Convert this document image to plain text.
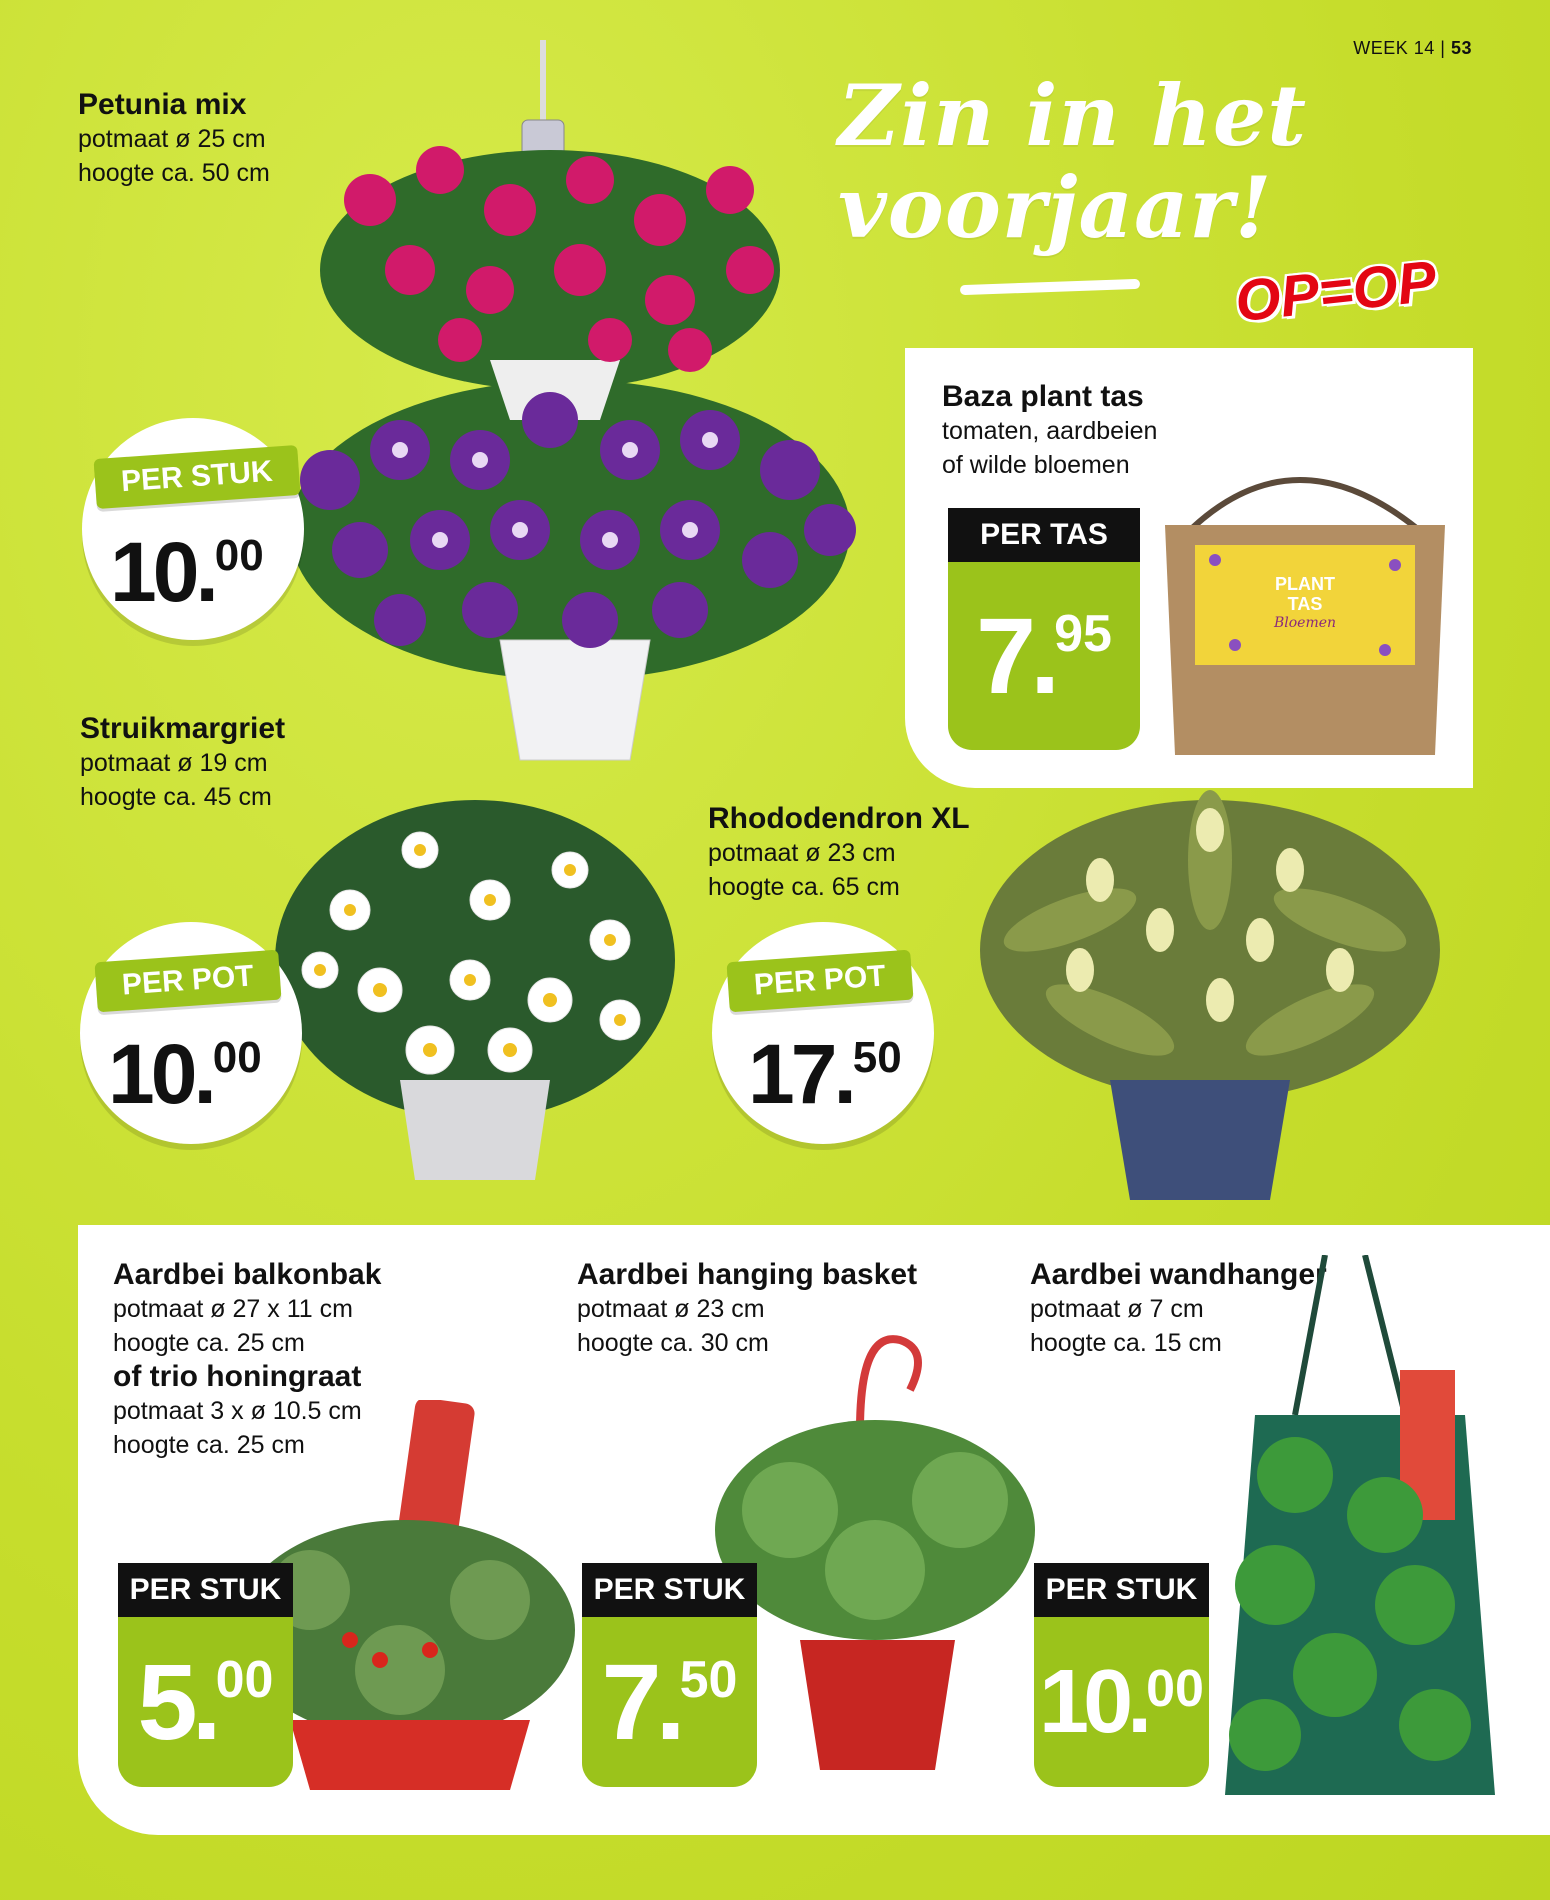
WEEK 14 | 53
Zin in het
voorjaar!
OP=OP
Petunia mix
potmaat ø 25 cm
hoogte ca. 50 cm
PER STUK
10.00
Baza plant tas
tomaten, aardbeien
of wilde bloemen
PER TAS
7.95
PLANT
TAS
Bloemen
Struikmargriet
potmaat ø 19 cm
hoogte ca. 45 cm
PER POT
10.00
Rhododendron XL
potmaat ø 23 cm
hoogte ca. 65 cm
PER POT
17.50
Aardbei balkonbak
potmaat ø 27 x 11 cm
hoogte ca. 25 cm
of trio honingraat
potmaat 3 x ø 10.5 cm
hoogte ca. 25 cm
PER STUK
5.00
Aardbei hanging basket
potmaat ø 23 cm
hoogte ca. 30 cm
PER STUK
7.50
Aardbei wandhanger
potmaat ø 7 cm
hoogte ca. 15 cm
PER STUK
10.00
